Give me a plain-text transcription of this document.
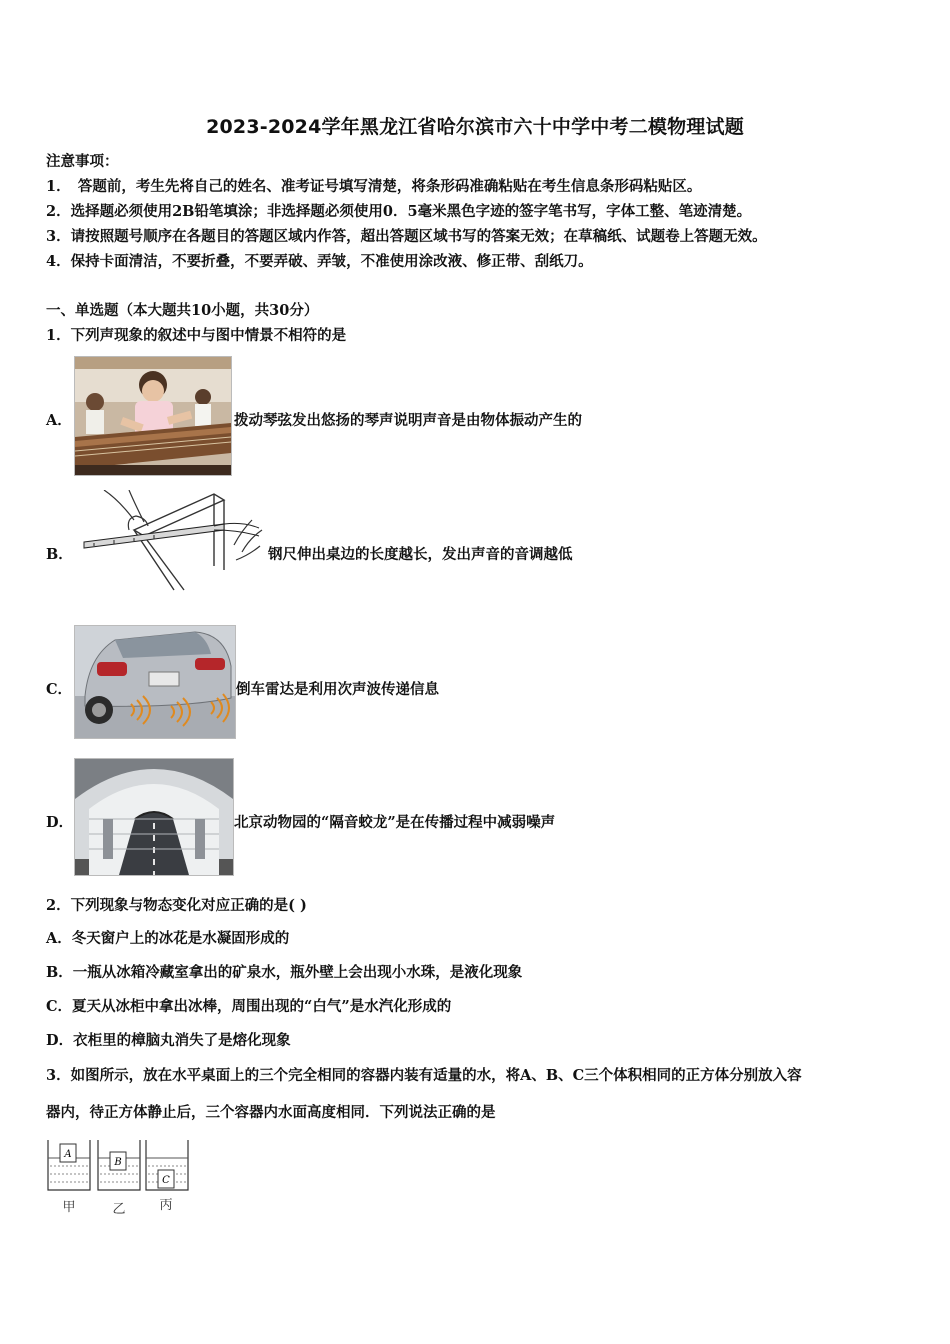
2023-2024学年黑龙江省哈尔滨市六十中学中考二模物理试题
注意事项：
1．　答题前，考生先将自己的姓名、准考证号填写清楚，将条形码准确粘贴在考生信息条形码粘贴区。
2．选择题必须使用2B铅笔填涂；非选择题必须使用0．5毫米黑色字迹的签字笔书写，字体工整、笔迹清楚。
3．请按照题号顺序在各题目的答题区域内作答，超出答题区域书写的答案无效；在草稿纸、试题卷上答题无效。
4．保持卡面清洁，不要折叠，不要弄破、弄皱，不准使用涂改液、修正带、刮纸刀。
一、单选题（本大题共10小题，共30分）
1．下列声现象的叙述中与图中情景不相符的是
A．	拨动琴弦发出悠扬的琴声说明声音是由物体振动产生的
B．	钢尺伸出桌边的长度越长，发出声音的音调越低
C．	倒车雷达是利用次声波传递信息
D．	北京动物园的“隔音蛟龙”是在传播过程中减弱噪声
2．下列现象与物态变化对应正确的是( )
A．冬天窗户上的冰花是水凝固形成的
B．一瓶从冰箱冷藏室拿出的矿泉水，瓶外壁上会出现小水珠，是液化现象
C．夏天从冰柜中拿出冰棒，周围出现的“白气”是水汽化形成的
D．衣柜里的樟脑丸消失了是熔化现象
3．如图所示，放在水平桌面上的三个完全相同的容器内装有适量的水，将A、B、C三个体积相同的正方体分别放入容
器内，待正方体静止后，三个容器内水面高度相同．下列说法正确的是
A
甲
B
乙
C
丙
